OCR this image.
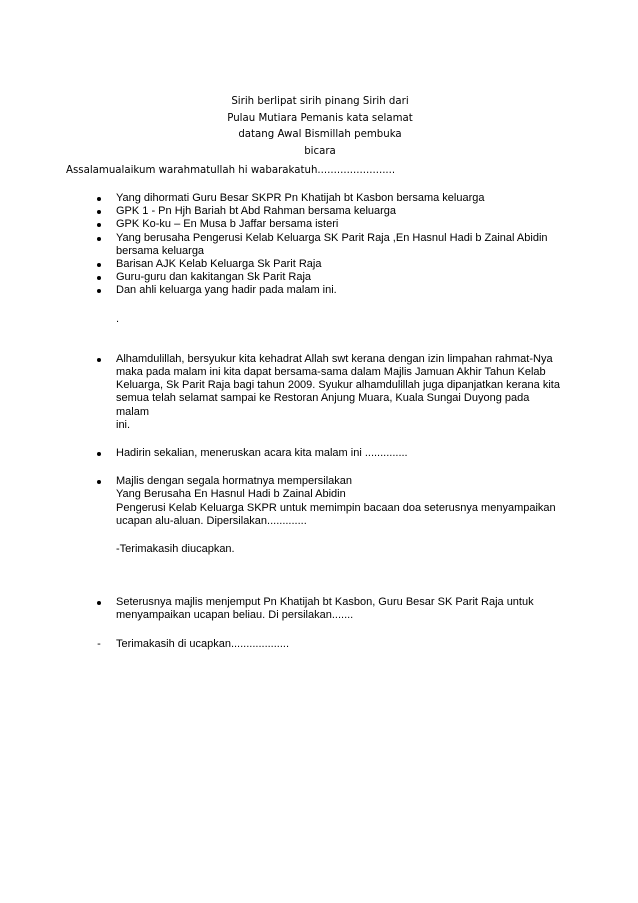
Sirih berlipat sirih pinang Sirih dari Pulau Mutiara Pemanis kata selamat datang Awal Bismillah pembuka bicara
Assalamualaikum warahmatullah hi wabarakatuh........................
Yang dihormati Guru Besar SKPR Pn Khatijah bt Kasbon bersama keluarga
GPK 1 - Pn Hjh Bariah bt Abd Rahman bersama keluarga
GPK Ko-ku – En Musa b Jaffar bersama isteri
Yang berusaha Pengerusi Kelab Keluarga SK Parit Raja ,En Hasnul Hadi b Zainal Abidin
bersama keluarga
Barisan AJK Kelab Keluarga Sk Parit Raja
Guru-guru dan kakitangan Sk Parit Raja
Dan ahli keluarga yang hadir pada malam ini.
.
Alhamdulillah, bersyukur kita kehadrat Allah swt kerana dengan izin limpahan rahmat-Nya
maka pada malam ini kita dapat bersama-sama dalam Majlis Jamuan Akhir Tahun Kelab
Keluarga, Sk Parit Raja bagi tahun 2009. Syukur alhamdulillah juga dipanjatkan kerana kita
semua telah selamat sampai ke Restoran Anjung Muara, Kuala Sungai Duyong pada malam
ini.
Hadirin sekalian, meneruskan acara kita malam ini ..............
Majlis dengan segala hormatnya mempersilakan
Yang Berusaha En Hasnul Hadi b Zainal Abidin
Pengerusi Kelab Keluarga SKPR untuk memimpin bacaan doa seterusnya menyampaikan
ucapan alu-aluan. Dipersilakan.............
-Terimakasih diucapkan.
Seterusnya majlis menjemput Pn Khatijah bt Kasbon, Guru Besar SK Parit Raja untuk
menyampaikan ucapan beliau. Di persilakan.......
-	Terimakasih di ucapkan...................
